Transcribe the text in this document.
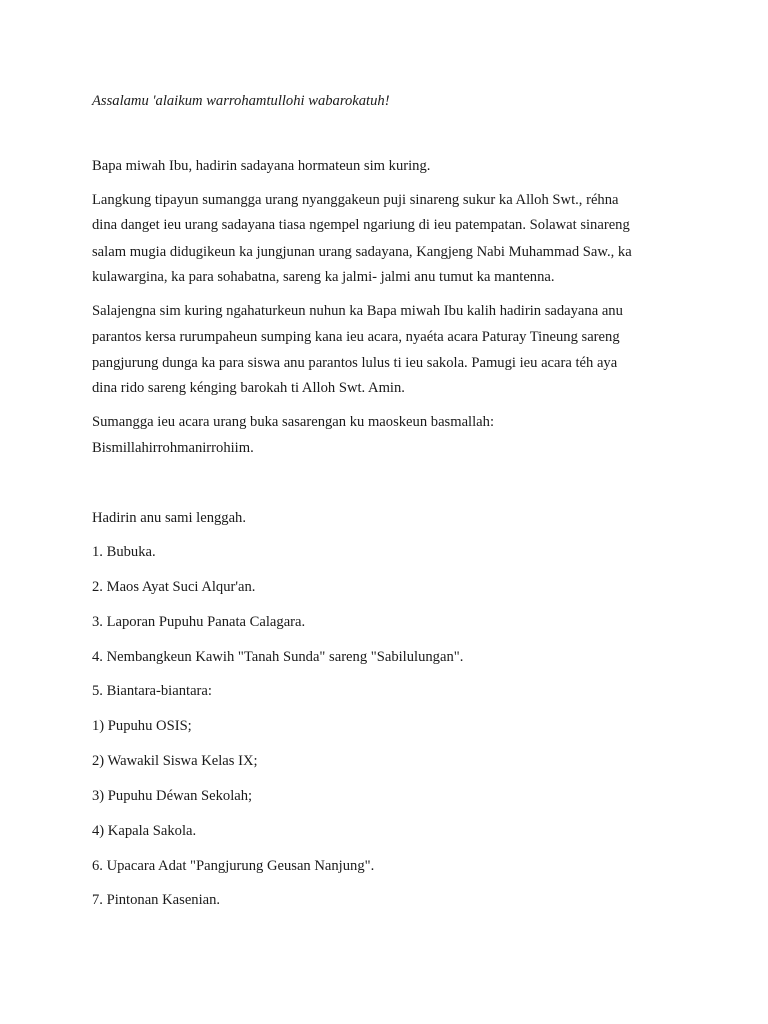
Assalamu 'alaikum warrohamtullohi wabarokatuh!

Bapa miwah Ibu, hadirin sadayana hormateun sim kuring.

Langkung tipayun sumangga urang nyanggakeun puji sinareng sukur ka Alloh Swt., réhna

dina danget ieu urang sadayana tiasa ngempel ngariung di ieu patempatan. Solawat sinareng

salam mugia didugikeun ka jungjunan urang sadayana, Kangjeng Nabi Muhammad Saw., ka

kulawargina, ka para sohabatna, sareng ka jalmi- jalmi anu tumut ka mantenna.

Salajengna sim kuring ngahaturkeun nuhun ka Bapa miwah Ibu kalih hadirin sadayana anu

parantos kersa rurumpaheun sumping kana ieu acara, nyaéta acara Paturay Tineung sareng

pangjurung dunga ka para siswa anu parantos lulus ti ieu sakola. Pamugi ieu acara téh aya

dina rido sareng kénging barokah ti Alloh Swt. Amin.

Sumangga ieu acara urang buka sasarengan ku maoskeun basmallah:

Bismillahirrohmanirrohiim.

Hadirin anu sami lenggah.

1. Bubuka.

2. Maos Ayat Suci Alqur'an.

3. Laporan Pupuhu Panata Calagara.

4. Nembangkeun Kawih "Tanah Sunda" sareng "Sabilulungan".

5. Biantara-biantara:

1) Pupuhu OSIS;

2) Wawakil Siswa Kelas IX;

3) Pupuhu Déwan Sekolah;

4) Kapala Sakola.

6. Upacara Adat "Pangjurung Geusan Nanjung".

7. Pintonan Kasenian.
